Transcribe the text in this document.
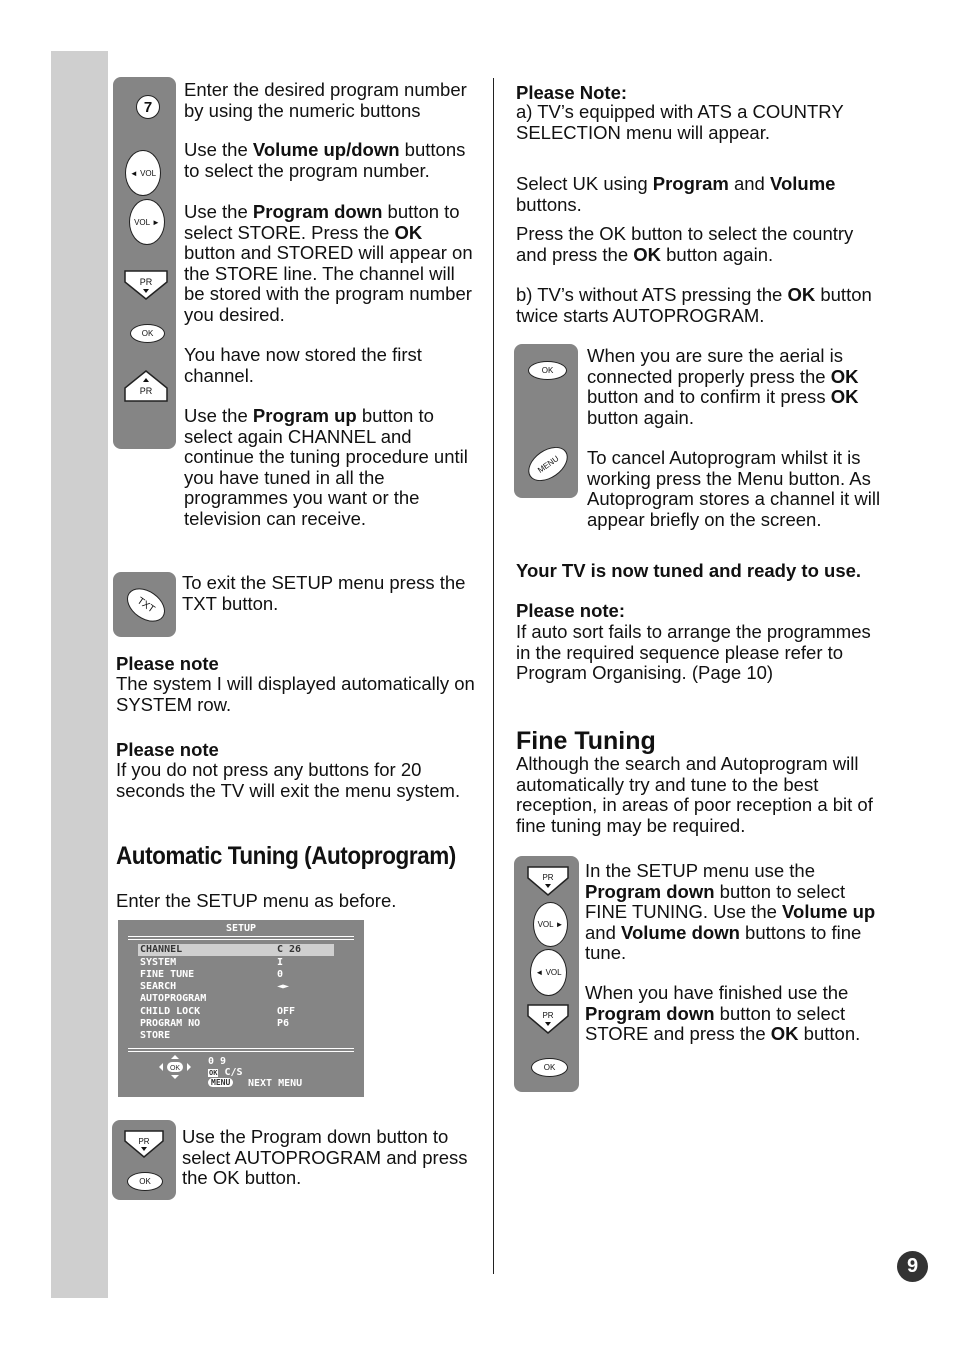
7
◄ VOL
VOL ►
PR
OK
PR

Enter the desired program number by using the numeric buttons

Use the Volume up/down buttons to select the program number.

Use the Program down button to select STORE. Press the OK button and STORED will appear on the STORE line. The channel will be stored with the program number you desired.

You have now stored the first channel.

Use the Program up button to select again CHANNEL and continue the tuning procedure until you have tuned in all the programmes you want or the television can receive.

TXT

To exit the SETUP menu press the TXT button.

Please note

The system I will displayed automatically on SYSTEM row.

Please note

If you do not press any buttons for 20 seconds the TV will exit the menu system.

Automatic Tuning (Autoprogram)

Enter the SETUP menu as before.

SETUP
CHANNEL	C 26
SYSTEM	I
FINE TUNE	0
SEARCH	◄►
AUTOPROGRAM
CHILD LOCK	OFF
PROGRAM NO	P6
STORE
OK
0 9
OK C/S
MENU	NEXT MENU
PR
OK

Use the Program down button to select AUTOPROGRAM and press the OK button.

Please Note:

a) TV’s equipped with ATS a COUNTRY SELECTION menu will appear.

Select UK using Program and Volume buttons.

Press the OK button to select the country and press the OK button again.

b) TV’s without ATS pressing the OK button twice starts AUTOPROGRAM.

OK
MENU

When you are sure the aerial is connected properly press the OK button and to confirm it press OK button again.

To cancel Autoprogram whilst it is working press the Menu button. As Autoprogram stores a channel it will appear briefly on the screen.

Your TV is now tuned and ready to use.

Please note:

If auto sort fails to arrange the programmes in the required sequence please refer to Program Organising. (Page 10)

Fine Tuning

Although the search and Autoprogram will automatically try and tune to the best reception, in areas of poor reception a bit of fine tuning may be required.

PR
VOL ►
◄ VOL
PR
OK

In the SETUP menu use the Program down button to select FINE TUNING. Use the Volume up and Volume down buttons to fine tune.

When you have finished use the Program down button to select STORE and press the OK button.

9
